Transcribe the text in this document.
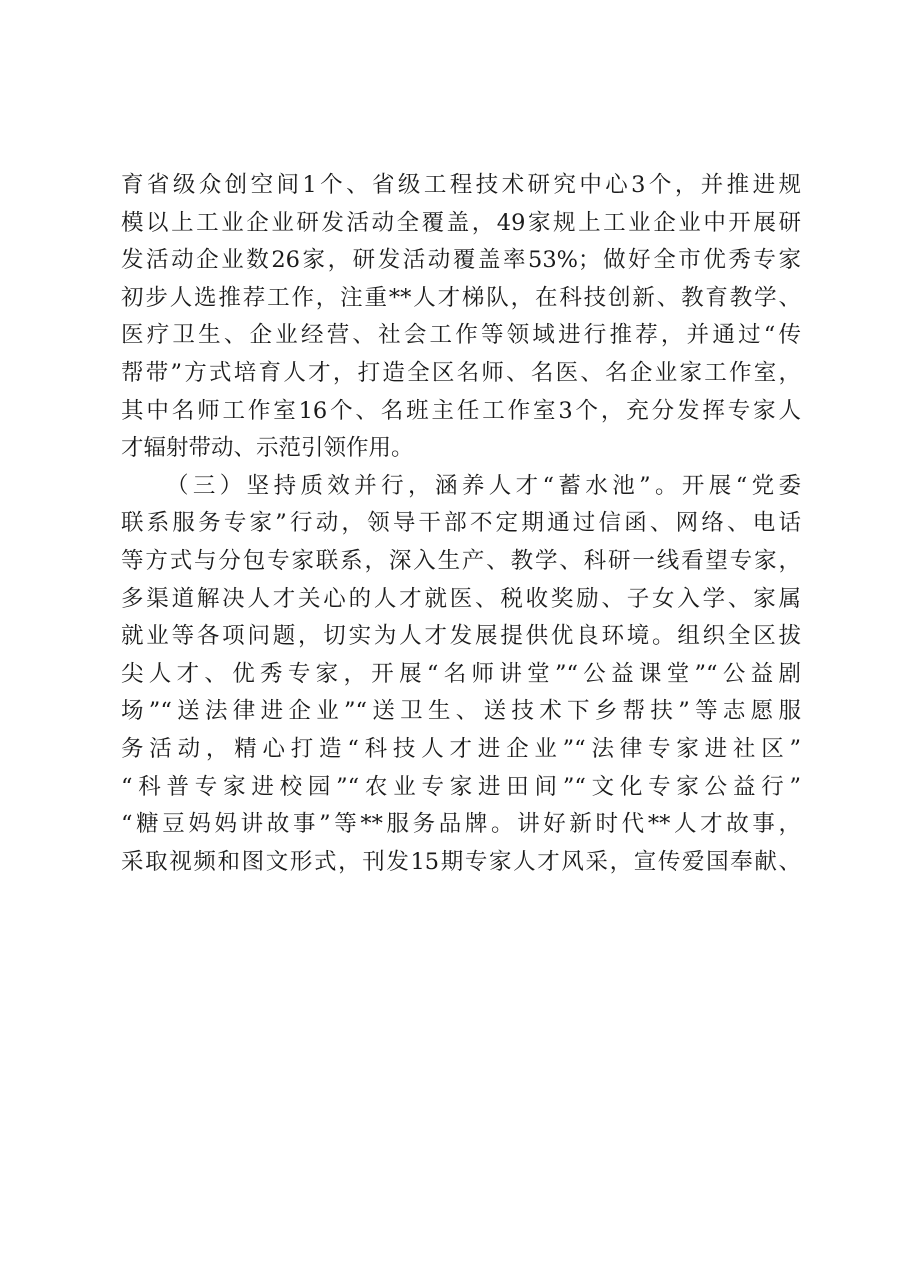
育省级众创空间1个、省级工程技术研究中心3个，并推进规
模以上工业企业研发活动全覆盖，49家规上工业企业中开展研
发活动企业数26家，研发活动覆盖率53%；做好全市优秀专家
初步人选推荐工作，注重**人才梯队，在科技创新、教育教学、
医疗卫生、企业经营、社会工作等领域进行推荐，并通过“传
帮带”方式培育人才，打造全区名师、名医、名企业家工作室，
其中名师工作室16个、名班主任工作室3个，充分发挥专家人
才辐射带动、示范引领作用。
（三）坚持质效并行，涵养人才“蓄水池”。开展“党委
联系服务专家”行动，领导干部不定期通过信函、网络、电话
等方式与分包专家联系，深入生产、教学、科研一线看望专家，
多渠道解决人才关心的人才就医、税收奖励、子女入学、家属
就业等各项问题，切实为人才发展提供优良环境。组织全区拔
尖人才、优秀专家，开展“名师讲堂”“公益课堂”“公益剧
场”“送法律进企业”“送卫生、送技术下乡帮扶”等志愿服
务活动，精心打造“科技人才进企业”“法律专家进社区”
“科普专家进校园”“农业专家进田间”“文化专家公益行”
“糖豆妈妈讲故事”等**服务品牌。讲好新时代**人才故事，
采取视频和图文形式，刊发15期专家人才风采，宣传爱国奉献、
